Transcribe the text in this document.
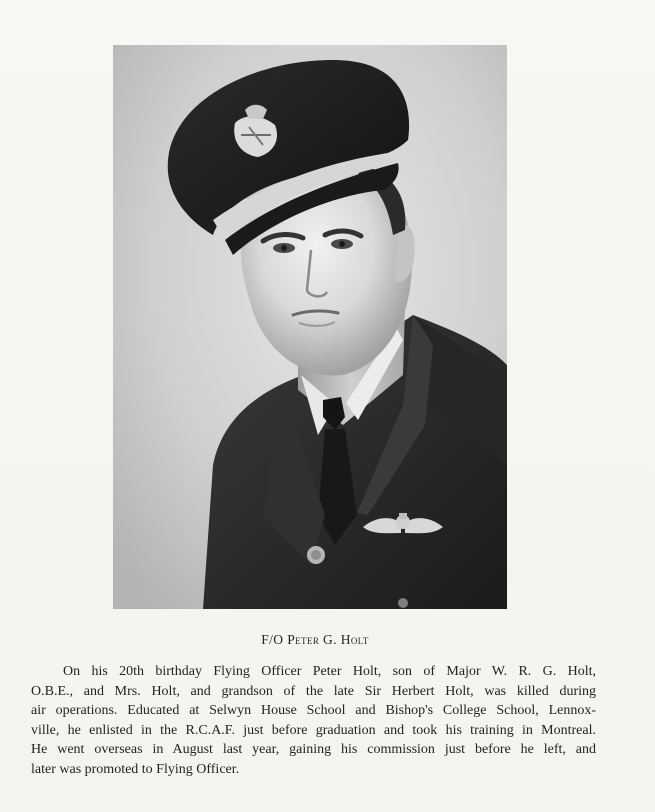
F/O Peter G. Holt
On his 20th birthday Flying Officer Peter Holt, son of Major W. R. G. Holt,
O.B.E., and Mrs. Holt, and grandson of the late Sir Herbert Holt, was killed during
air operations. Educated at Selwyn House School and Bishop's College School, Lennox-
ville, he enlisted in the R.C.A.F. just before graduation and took his training in Montreal.
He went overseas in August last year, gaining his commission just before he left, and
later was promoted to Flying Officer.
